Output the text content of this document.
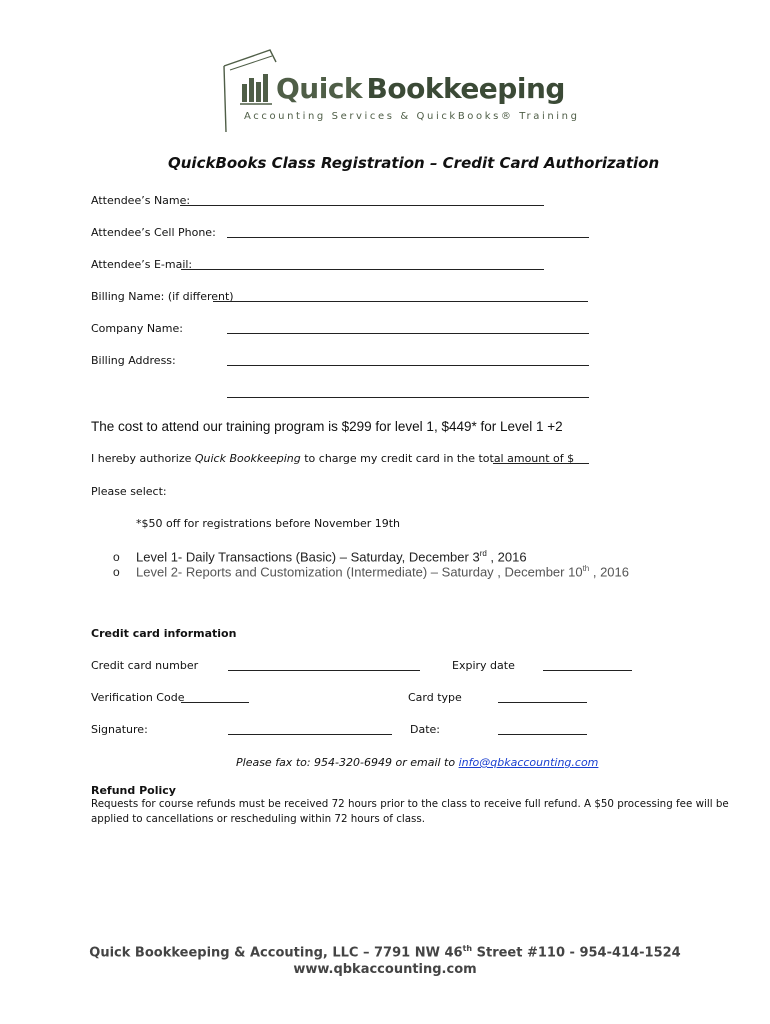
Quick Bookkeeping
Accounting Services & QuickBooks® Training
QuickBooks Class Registration – Credit Card Authorization
Attendee’s Name:
Attendee’s Cell Phone:
Attendee’s E-mail:
Billing Name: (if different)
Company Name:
Billing Address:
The cost to attend our training program is $299 for level 1, $449* for Level 1 +2
I hereby authorize Quick Bookkeeping to charge my credit card in the total amount of $
Please select:
*$50 off for registrations before November 19th
o Level 1- Daily Transactions (Basic) – Saturday, December 3rd , 2016
o Level 2- Reports and Customization (Intermediate) – Saturday , December 10th , 2016
Credit card information
Credit card number	Expiry date
Verification Code	Card type
Signature:	Date:
Please fax to: 954-320-6949 or email to info@qbkaccounting.com
Refund Policy
Requests for course refunds must be received 72 hours prior to the class to receive full refund. A $50 processing fee will be
applied to cancellations or rescheduling within 72 hours of class.
Quick Bookkeeping & Accouting, LLC – 7791 NW 46th Street #110 - 954-414-1524
www.qbkaccounting.com
